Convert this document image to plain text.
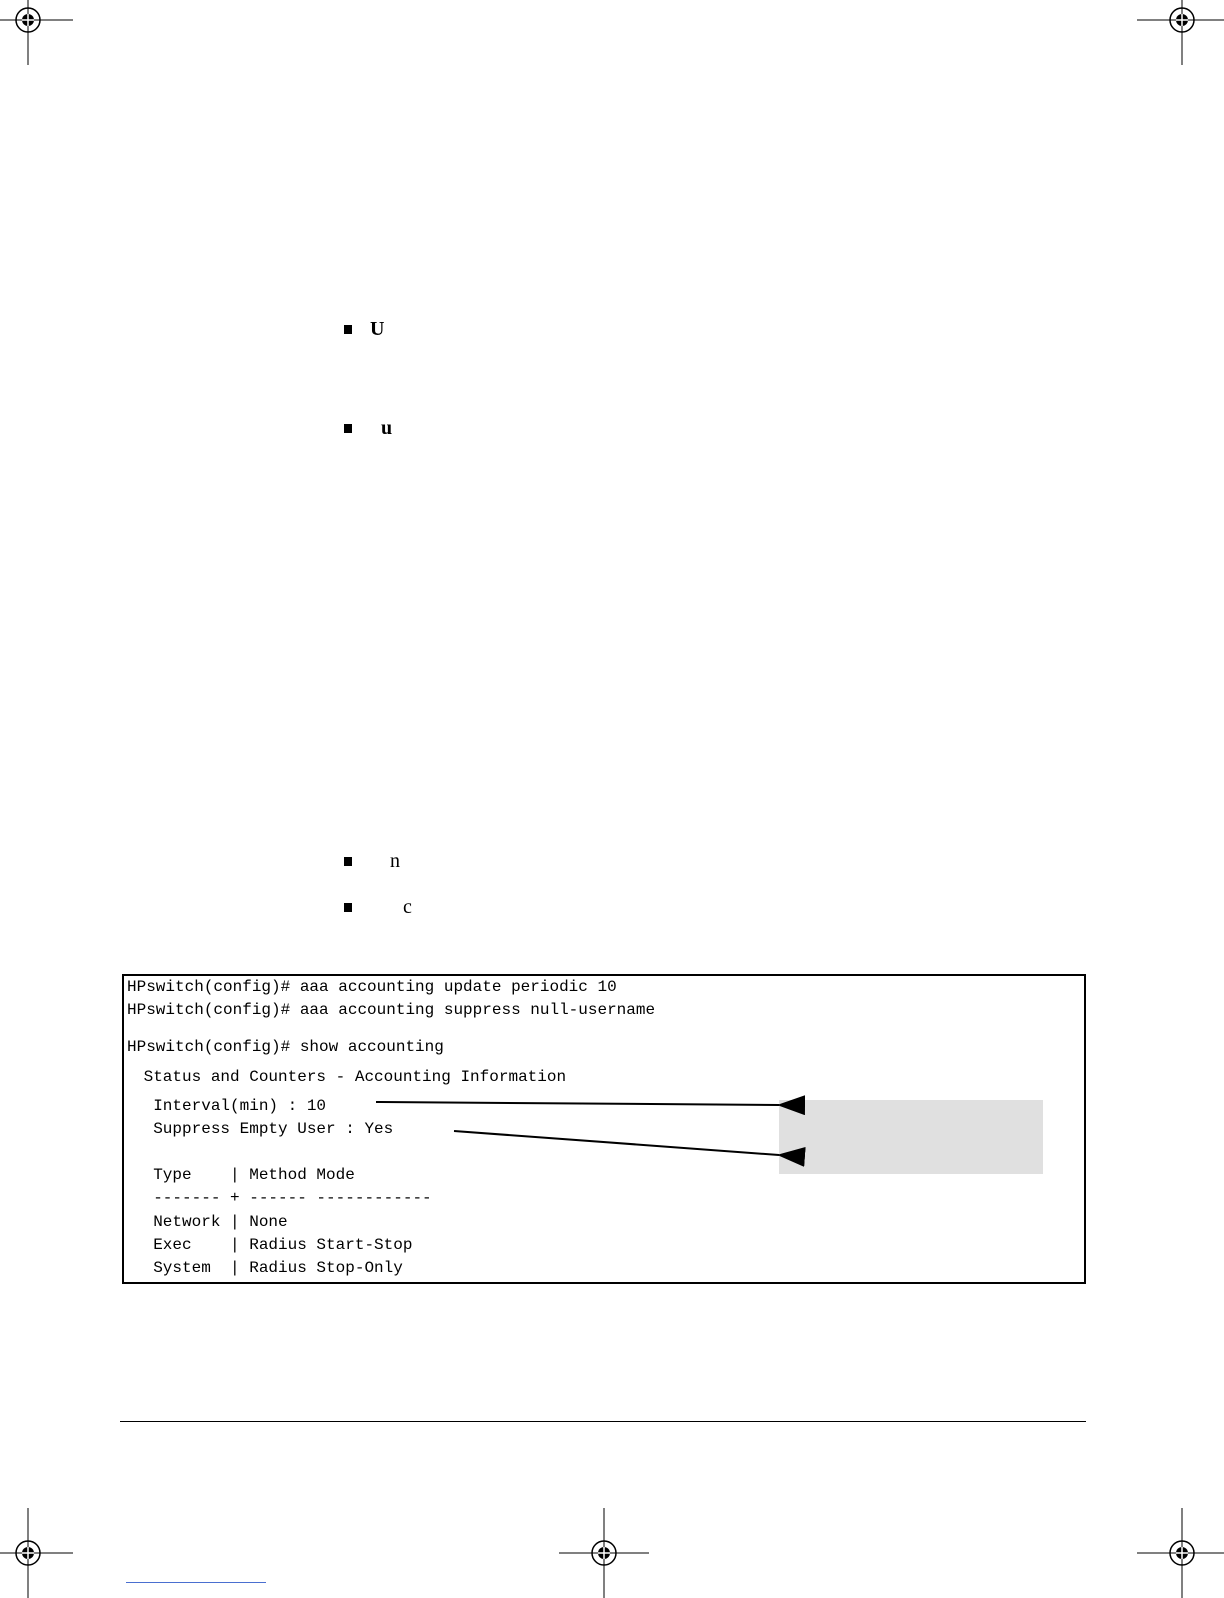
U
u
n
c
HPswitch(config)# aaa accounting update periodic 10
HPswitch(config)# aaa accounting suppress null-username
HPswitch(config)# show accounting
Status and Counters - Accounting Information
Interval(min) : 10
Suppress Empty User : Yes
Type    | Method Mode
------- + ------ ------------
Network | None
Exec    | Radius Start-Stop
System  | Radius Stop-Only
